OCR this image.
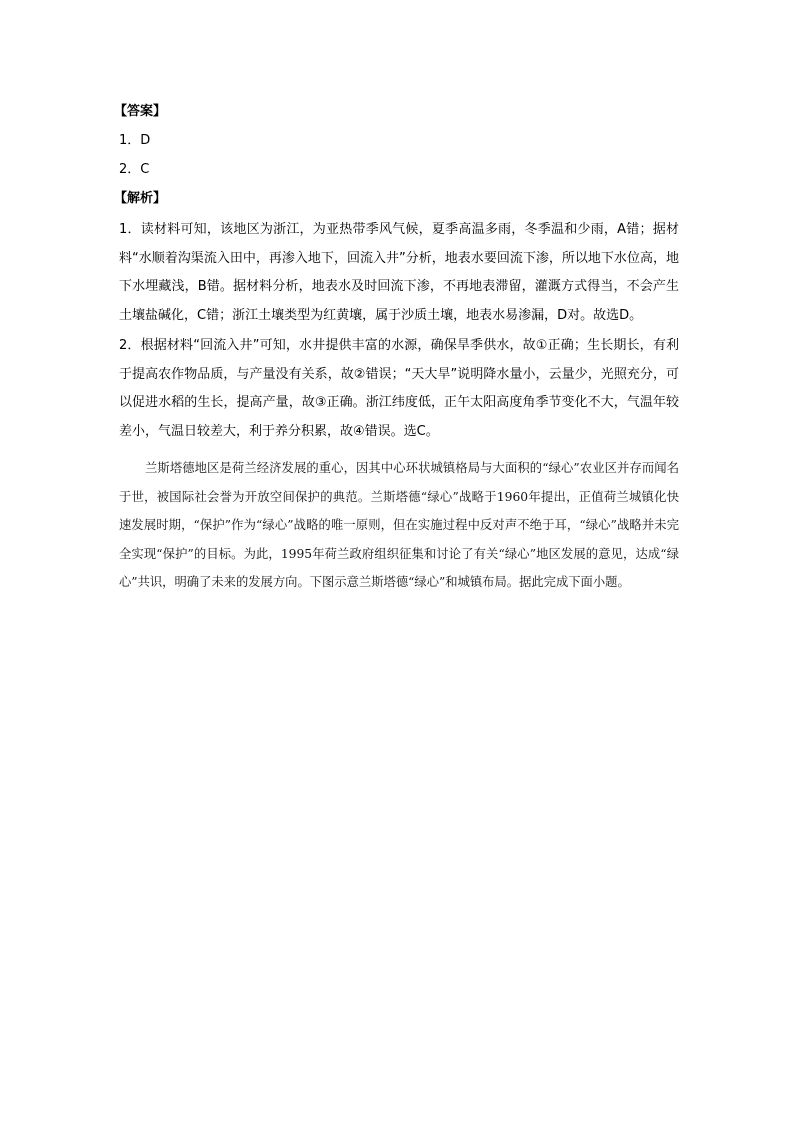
【答案】
1．D
2．C
【解析】

1．读材料可知，该地区为浙江，为亚热带季风气候，夏季高温多雨，冬季温和少雨，A错；据材料“水顺着沟渠流入田中，再渗入地下，回流入井”分析，地表水要回流下渗，所以地下水位高，地下水埋藏浅，B错。据材料分析，地表水及时回流下渗，不再地表滞留，灌溉方式得当，不会产生土壤盐碱化，C错；浙江土壤类型为红黄壤，属于沙质土壤，地表水易渗漏，D对。故选D。

2．根据材料“回流入井”可知，水井提供丰富的水源，确保旱季供水，故①正确；生长期长，有利于提高农作物品质，与产量没有关系，故②错误；“天大旱”说明降水量小，云量少，光照充分，可以促进水稻的生长，提高产量，故③正确。浙江纬度低，正午太阳高度角季节变化不大，气温年较差小，气温日较差大，利于养分积累，故④错误。选C。

兰斯塔德地区是荷兰经济发展的重心，因其中心环状城镇格局与大面积的“绿心”农业区并存而闻名于世，被国际社会誉为开放空间保护的典范。兰斯塔德“绿心”战略于1960年提出，正值荷兰城镇化快速发展时期，“保护”作为“绿心”战略的唯一原则，但在实施过程中反对声不绝于耳，“绿心”战略并未完全实现“保护”的目标。为此，1995年荷兰政府组织征集和讨论了有关“绿心”地区发展的意见，达成“绿心”共识，明确了未来的发展方向。下图示意兰斯塔德“绿心”和城镇布局。据此完成下面小题。
